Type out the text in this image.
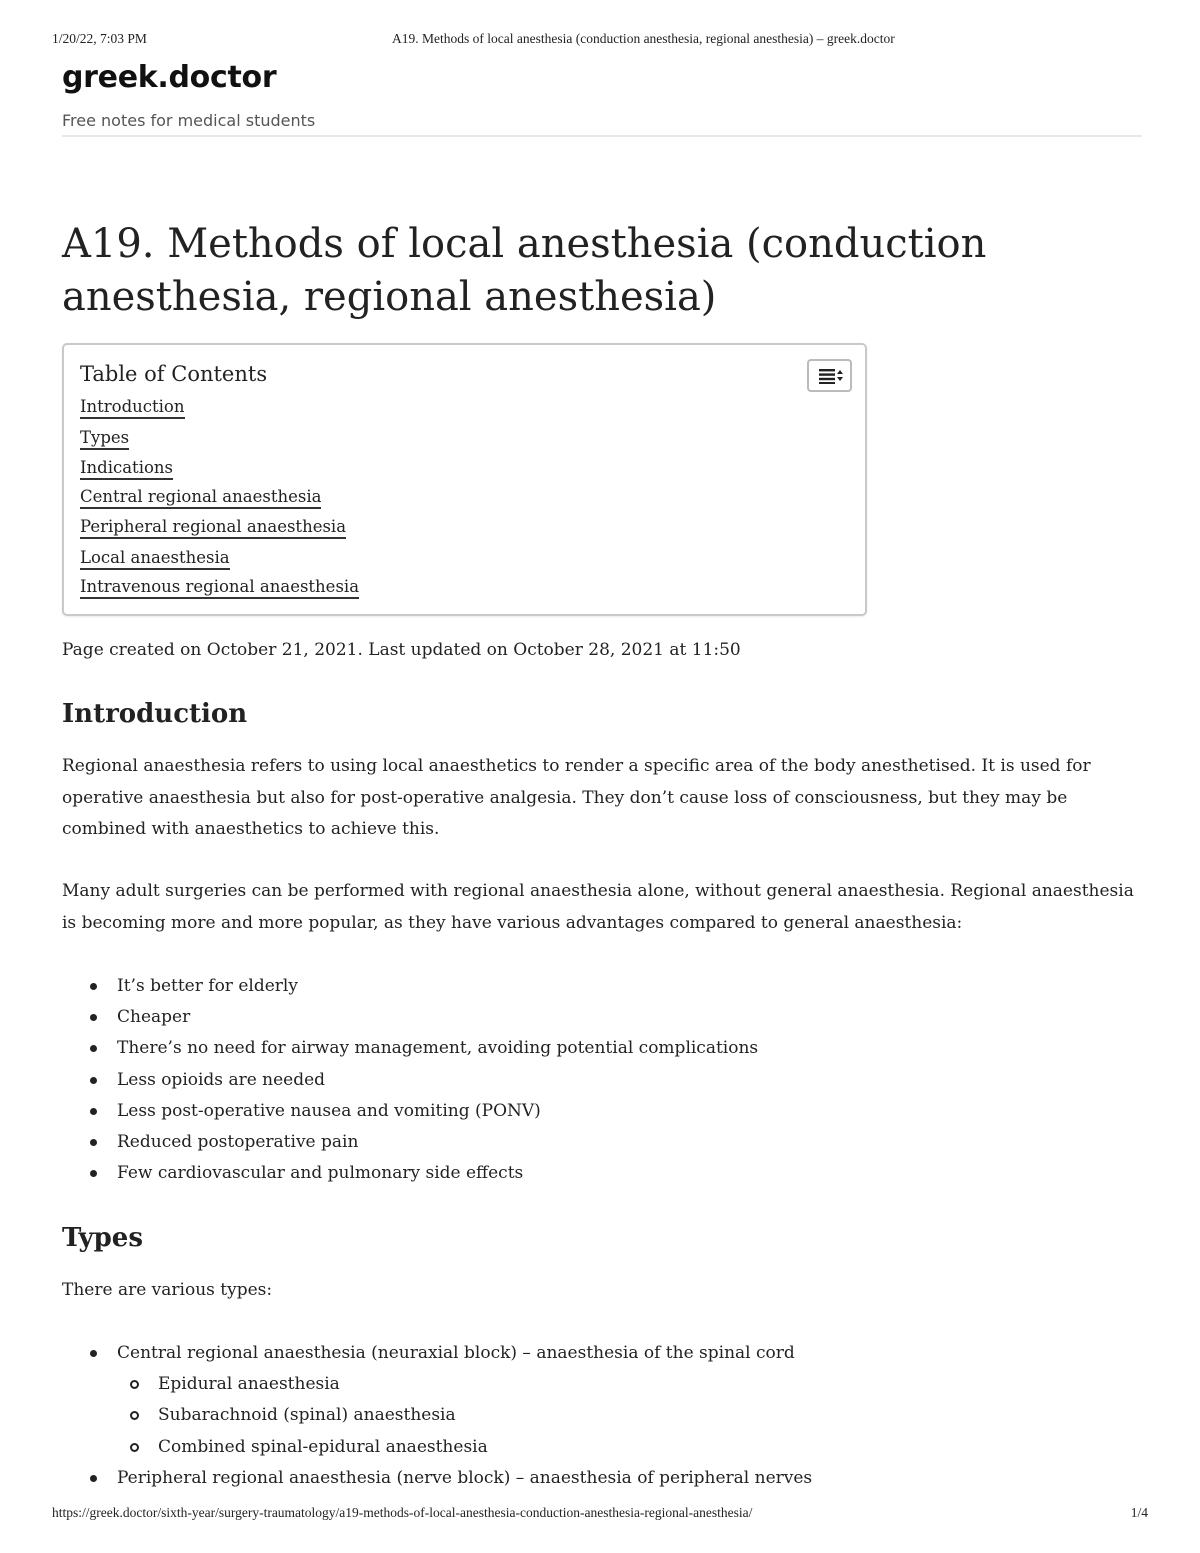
1/20/22, 7:03 PM	A19. Methods of local anesthesia (conduction anesthesia, regional anesthesia) – greek.doctor
greek.doctor
Free notes for medical students
A19. Methods of local anesthesia (conduction anesthesia, regional anesthesia)
Table of Contents
Introduction
Types
Indications
Central regional anaesthesia
Peripheral regional anaesthesia
Local anaesthesia
Intravenous regional anaesthesia
Page created on October 21, 2021. Last updated on October 28, 2021 at 11:50
Introduction

Regional anaesthesia refers to using local anaesthetics to render a specific area of the body anesthetised. It is used for operative anaesthesia but also for post-operative analgesia. They don’t cause loss of consciousness, but they may be combined with anaesthetics to achieve this.

Many adult surgeries can be performed with regional anaesthesia alone, without general anaesthesia. Regional anaesthesia is becoming more and more popular, as they have various advantages compared to general anaesthesia:

It’s better for elderly
Cheaper
There’s no need for airway management, avoiding potential complications
Less opioids are needed
Less post-operative nausea and vomiting (PONV)
Reduced postoperative pain
Few cardiovascular and pulmonary side effects
Types

There are various types:

Central regional anaesthesia (neuraxial block) – anaesthesia of the spinal cord
Epidural anaesthesia
Subarachnoid (spinal) anaesthesia
Combined spinal-epidural anaesthesia
Peripheral regional anaesthesia (nerve block) – anaesthesia of peripheral nerves
https://greek.doctor/sixth-year/surgery-traumatology/a19-methods-of-local-anesthesia-conduction-anesthesia-regional-anesthesia/	1/4
